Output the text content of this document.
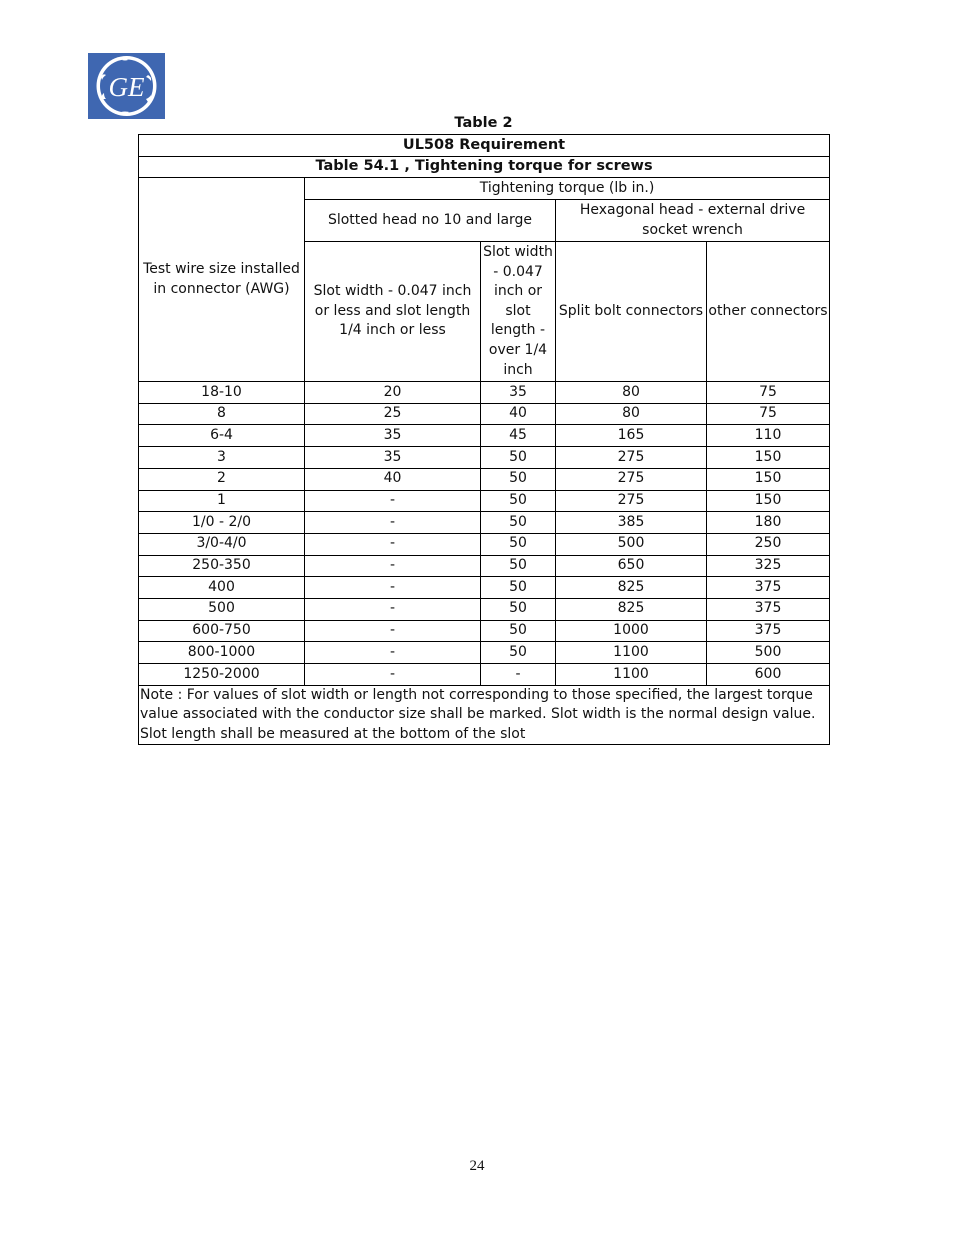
GE
Table 2
UL508 Requirement				
Table 54.1 , Tightening torque for screws				
Test wire size installed in connector (AWG)	Tightening torque (lb in.)			
	Slotted head no 10 and large		Hexagonal head - external drive socket wrench	
	Slot width - 0.047 inch or less and slot length 1/4 inch or less	Slot width - 0.047 inch or slot length - over 1/4 inch	Split bolt connectors	other connectors
18-10	20	35	80	75
8	25	40	80	75
6-4	35	45	165	110
3	35	50	275	150
2	40	50	275	150
1	-	50	275	150
1/0 - 2/0	-	50	385	180
3/0-4/0	-	50	500	250
250-350	-	50	650	325
400	-	50	825	375
500	-	50	825	375
600-750	-	50	1000	375
800-1000	-	50	1100	500
1250-2000	-	-	1100	600
Note : For values of slot width or length not corresponding to those specified, the largest torque value associated with the conductor size shall be marked. Slot width is the normal design value. Slot length shall be measured at the bottom of the slot				
24
